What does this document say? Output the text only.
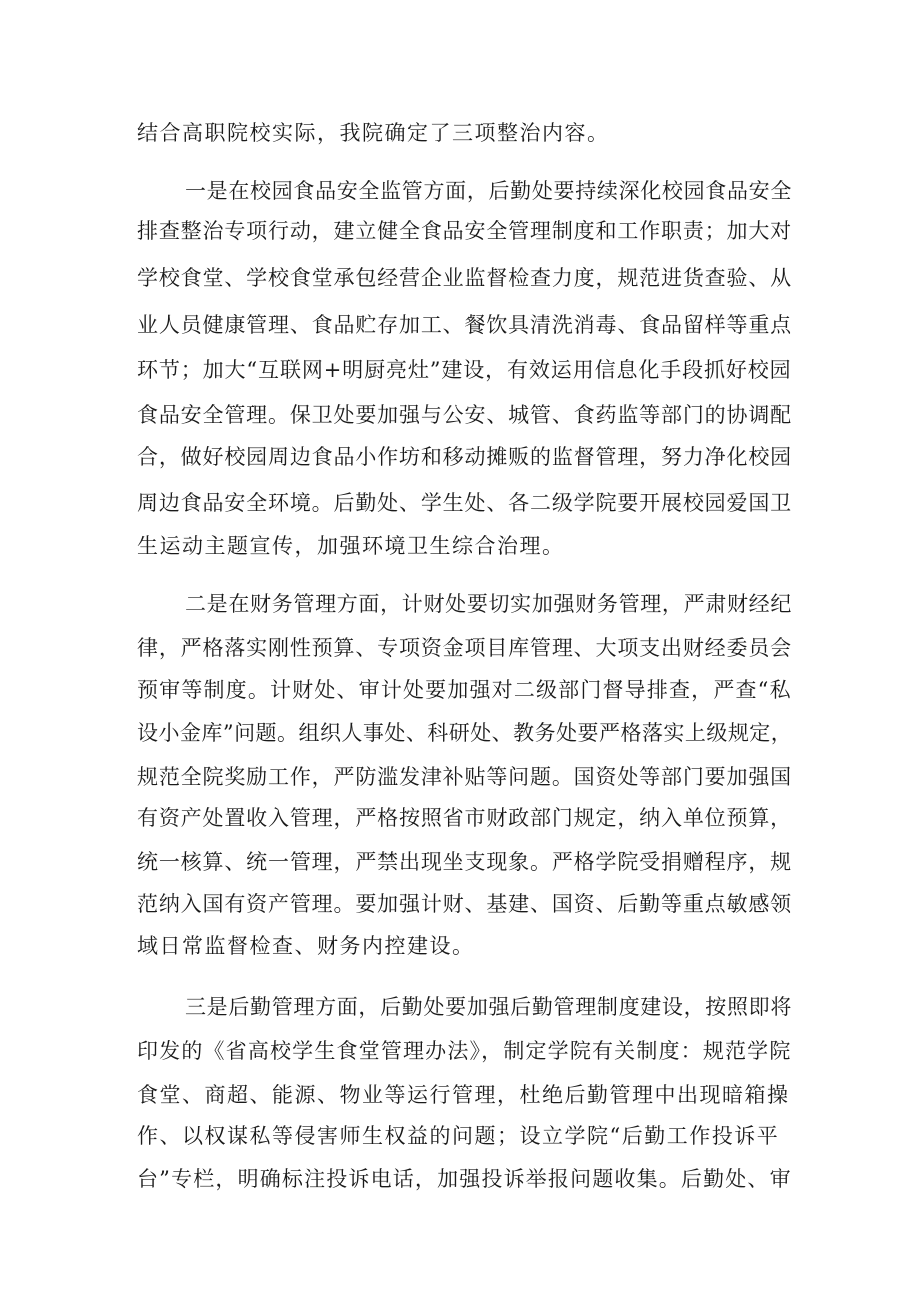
结合高职院校实际，我院确定了三项整治内容。
一是在校园食品安全监管方面，后勤处要持续深化校园食品安全
排查整治专项行动，建立健全食品安全管理制度和工作职责；加大对
学校食堂、学校食堂承包经营企业监督检查力度，规范进货查验、从
业人员健康管理、食品贮存加工、餐饮具清洗消毒、食品留样等重点
环节；加大“互联网+明厨亮灶”建设，有效运用信息化手段抓好校园
食品安全管理。保卫处要加强与公安、城管、食药监等部门的协调配
合，做好校园周边食品小作坊和移动摊贩的监督管理，努力净化校园
周边食品安全环境。后勤处、学生处、各二级学院要开展校园爱国卫
生运动主题宣传，加强环境卫生综合治理。
二是在财务管理方面，计财处要切实加强财务管理，严肃财经纪
律，严格落实刚性预算、专项资金项目库管理、大项支出财经委员会
预审等制度。计财处、审计处要加强对二级部门督导排查，严查“私
设小金库”问题。组织人事处、科研处、教务处要严格落实上级规定，
规范全院奖励工作，严防滥发津补贴等问题。国资处等部门要加强国
有资产处置收入管理，严格按照省市财政部门规定，纳入单位预算，
统一核算、统一管理，严禁出现坐支现象。严格学院受捐赠程序，规
范纳入国有资产管理。要加强计财、基建、国资、后勤等重点敏感领
域日常监督检查、财务内控建设。
三是后勤管理方面，后勤处要加强后勤管理制度建设，按照即将
印发的《省高校学生食堂管理办法》，制定学院有关制度：规范学院
食堂、商超、能源、物业等运行管理，杜绝后勤管理中出现暗箱操
作、以权谋私等侵害师生权益的问题；设立学院“后勤工作投诉平
台”专栏，明确标注投诉电话，加强投诉举报问题收集。后勤处、审
